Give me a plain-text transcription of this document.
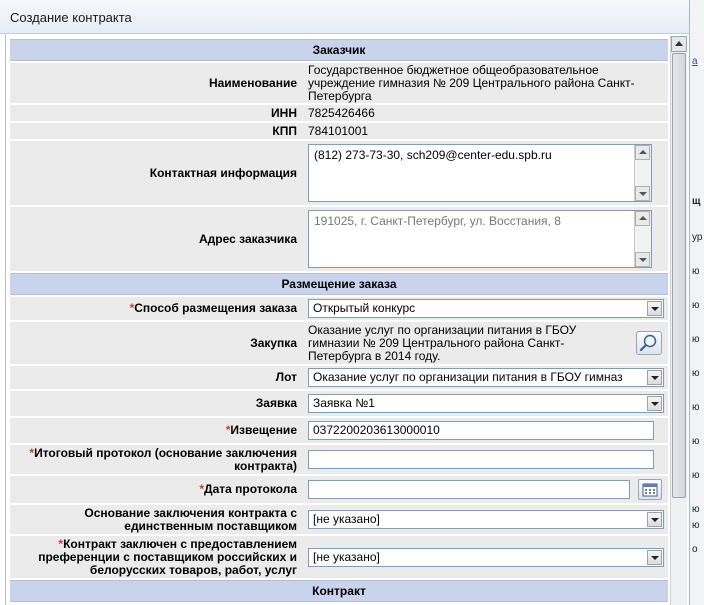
а
щ
ур
ю
ю
ю
ю
ю
ю
ю
ю
ю
о
Создание контракта
Заказчик	
Наименование	Государственное бюджетное общеобразовательное учреждение гимназия № 209 Центрального района Санкт-Петербурга
ИНН	7825426466
КПП	784101001
Контактная информация	(812) 273-73-30, sch209@center-edu.spb.ru

Адрес заказчика	191025, г. Санкт-Петербург, ул. Восстания, 8

Размещение заказа	
*Способ размещения заказа	Открытый конкурс

Закупка	Оказание услуг по организации питания в ГБОУ гимназии № 209 Центрального района Санкт-Петербурга в 2014 году.

Лот	Оказание услуг по организации питания в ГБОУ гимназ

Заявка	Заявка №1

*Извещение	0372200203613000010

*Итоговый протокол (основание заключения контракта)	

*Дата протокола	

Основание заключения контракта с единственным поставщиком	[не указано]

*Контракт заключен с предоставлением преференции с поставщиком российских и белорусских товаров, работ, услуг	[не указано]

Контракт	
